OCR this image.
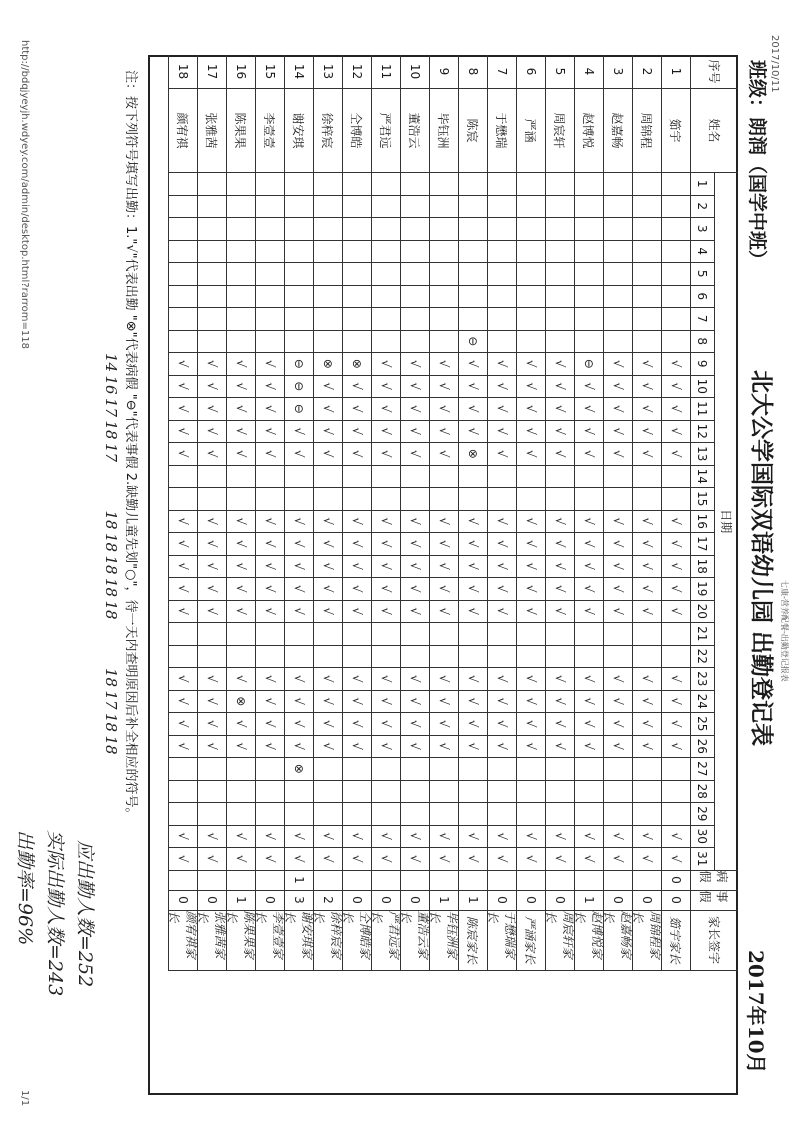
2017/10/11
http://bdqjyeyjh.wdyey.com/admin/desktop.html?rarrom=118
1/1
七康-营养配餐-出勤登记报表
北大公学国际双语幼儿园 出勤登记表
班级：朗润（国学中班）
2017年10月
序号
姓名
日期
1
2
3
4
5
6
7
8
9
10
11
12
13
14
15
16
17
18
19
20
21
22
23
24
25
26
27
28
29
30
31
病假
事假
家长签字
1
筎宇
√
√
√
√
√
√
√
√
√
√
√
√
√
√
√
√
0
0
筎宇家长
2
周锦程
√
√
√
√
√
√
√
√
√
√
√
√
√
√
√
√
0
周锦程家长
3
赵嘉畅
√
√
√
√
√
√
√
√
√
√
√
√
√
√
√
√
0
赵嘉畅家长
4
赵博悦
⊖
√
√
√
√
√
√
√
√
√
√
√
√
√
√
√
1
赵博悦家长
5
周宸轩
√
√
√
√
√
√
√
√
√
√
√
√
√
√
√
√
0
周宸轩家长
6
严涵
√
√
√
√
√
√
√
√
√
√
√
√
√
√
√
√
0
严涵家长
7
于懋瑞
√
√
√
√
√
√
√
√
√
√
√
√
√
√
√
√
0
于懋瑞家长
8
陈宸
⊖
√
√
√
√
⊗
√
√
√
√
√
√
√
√
√
√
√
1
陈宸家长
9
毕钰洲
√
√
√
√
√
√
√
√
√
√
√
√
√
√
√
√
1
毕钰洲家长
10
董浩云
√
√
√
√
√
√
√
√
√
√
√
√
√
√
√
√
0
董浩云家长
11
严君远
√
√
√
√
√
√
√
√
√
√
√
√
√
√
√
√
0
严君远家长
12
仝博皓
⊗
√
√
√
√
√
√
√
√
√
√
√
√
√
√
√
0
仝博皓家长
13
徐梓宸
⊗
√
√
√
√
√
√
√
√
√
√
√
√
√
√
√
2
徐梓宸家长
14
谢安琪
⊖
⊖
⊖
√
√
√
√
√
√
√
√
√
√
√
⊗
√
√
1
3
谢安琪家长
15
李壹壹
√
√
√
√
√
√
√
√
√
√
√
√
√
√
√
√
0
李壹壹家长
16
陈果果
√
√
√
√
√
√
√
√
√
√
√
⊗
√
√
√
√
1
陈果果家长
17
张雅茜
√
√
√
√
√
√
√
√
√
√
√
√
√
√
√
√
0
张雅茜家长
18
颜宥祺
√
√
√
√
√
√
√
√
√
√
√
√
√
√
√
√
0
颜宥祺家长
注：按下列符号填写出勤：1."√"代表出勤 "⊗"代表病假 "⊖"代表事假 2.缺勤儿童先划"○"，待一天内查明原因后补全相应的符号。
14
16
17
18
17
18
18
18
18
18
18
17
18
18
应出勤人数=252
实际出勤人数=243
出勤率=96%
